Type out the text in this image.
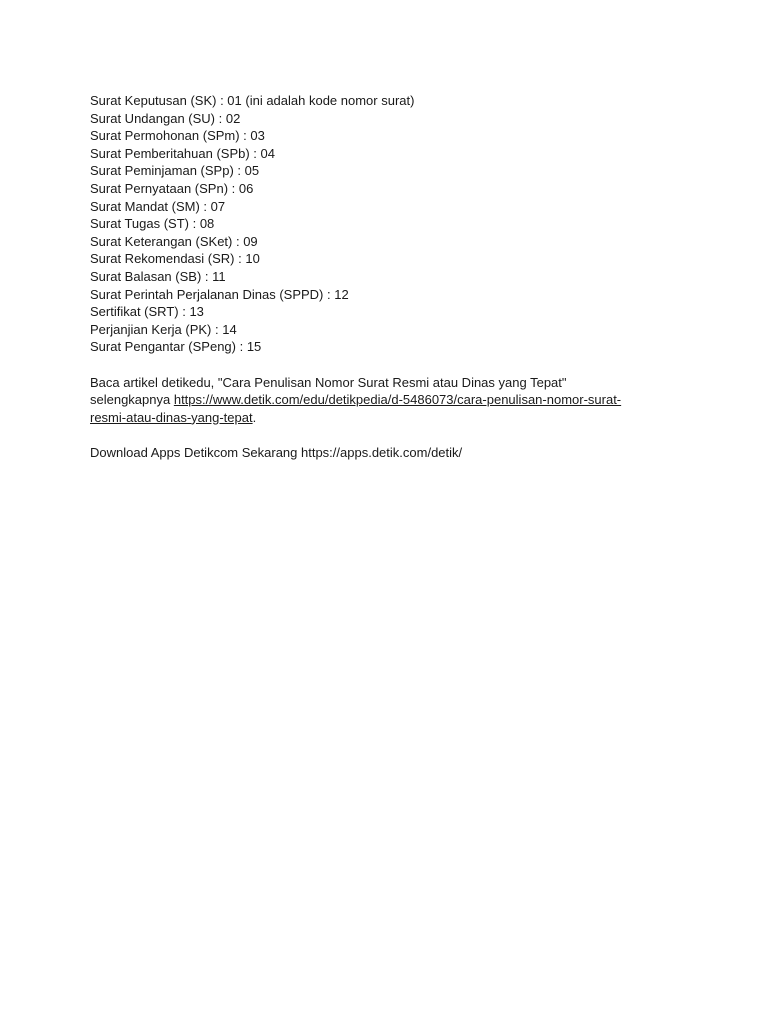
Surat Keputusan (SK) : 01 (ini adalah kode nomor surat)
Surat Undangan (SU) : 02
Surat Permohonan (SPm) : 03
Surat Pemberitahuan (SPb) : 04
Surat Peminjaman (SPp) : 05
Surat Pernyataan (SPn) : 06
Surat Mandat (SM) : 07
Surat Tugas (ST) : 08
Surat Keterangan (SKet) : 09
Surat Rekomendasi (SR) : 10
Surat Balasan (SB) : 11
Surat Perintah Perjalanan Dinas (SPPD) : 12
Sertifikat (SRT) : 13
Perjanjian Kerja (PK) : 14
Surat Pengantar (SPeng) : 15
Baca artikel detikedu, "Cara Penulisan Nomor Surat Resmi atau Dinas yang Tepat"
selengkapnya https://www.detik.com/edu/detikpedia/d-5486073/cara-penulisan-nomor-surat-
resmi-atau-dinas-yang-tepat.
Download Apps Detikcom Sekarang https://apps.detik.com/detik/
